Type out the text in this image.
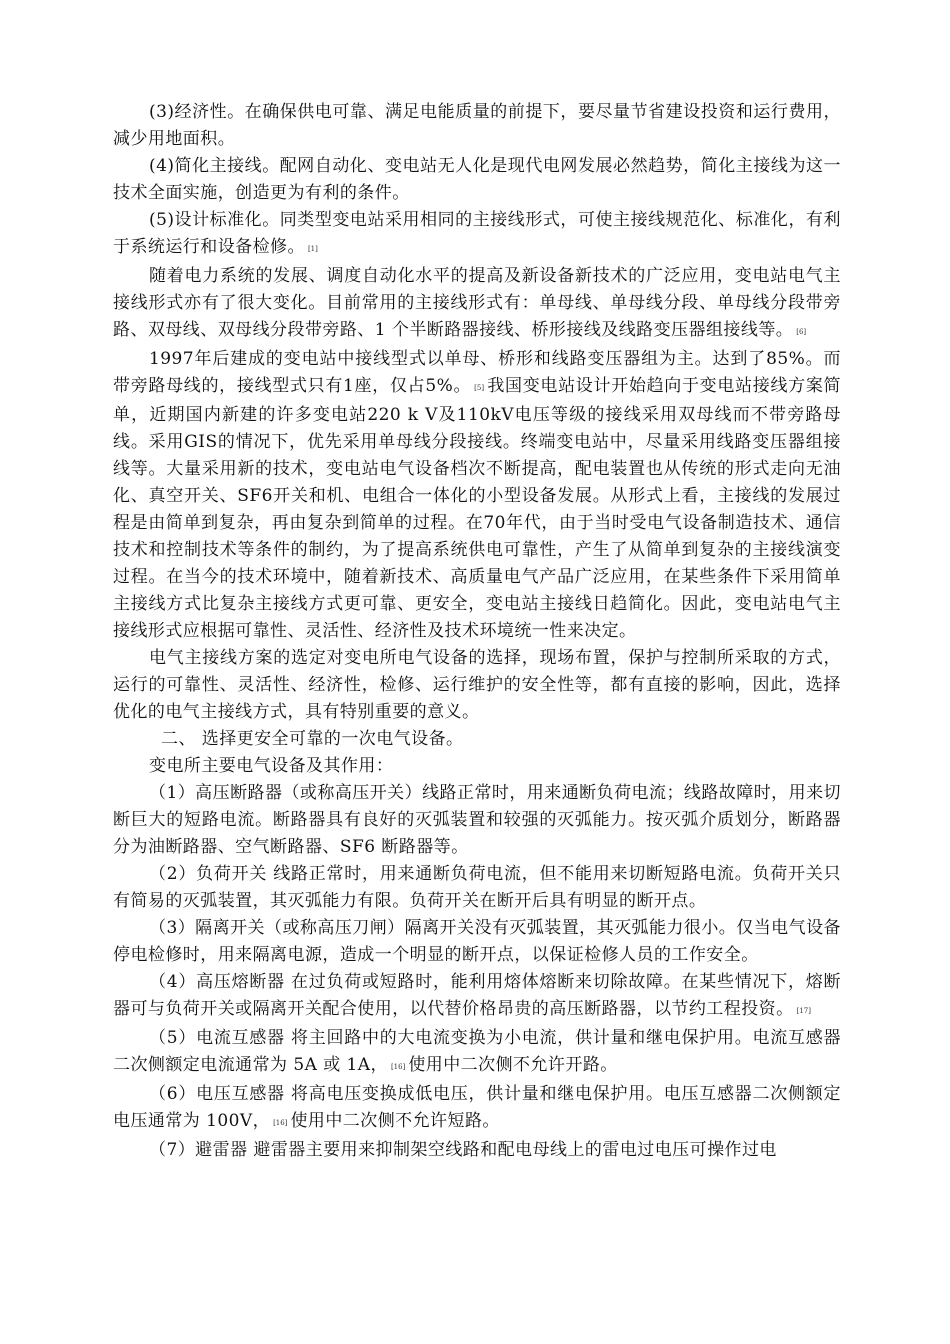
(3)经济性。在确保供电可靠、满足电能质量的前提下，要尽量节省建设投资和运行费用，减少用地面积。

(4)简化主接线。配网自动化、变电站无人化是现代电网发展必然趋势，简化主接线为这一技术全面实施，创造更为有利的条件。

(5)设计标准化。同类型变电站采用相同的主接线形式，可使主接线规范化、标准化，有利于系统运行和设备检修。 [1]

随着电力系统的发展、调度自动化水平的提高及新设备新技术的广泛应用，变电站电气主接线形式亦有了很大变化。目前常用的主接线形式有：单母线、单母线分段、单母线分段带旁路、双母线、双母线分段带旁路、1 个半断路器接线、桥形接线及线路变压器组接线等。 [6]

1997年后建成的变电站中接线型式以单母、桥形和线路变压器组为主。达到了85%。而带旁路母线的，接线型式只有1座，仅占5%。 [5] 我国变电站设计开始趋向于变电站接线方案简单，近期国内新建的许多变电站220 k V及110kV电压等级的接线采用双母线而不带旁路母线。采用GIS的情况下，优先采用单母线分段接线。终端变电站中，尽量采用线路变压器组接线等。大量采用新的技术，变电站电气设备档次不断提高，配电装置也从传统的形式走向无油化、真空开关、SF6开关和机、电组合一体化的小型设备发展。从形式上看，主接线的发展过程是由简单到复杂，再由复杂到简单的过程。在70年代，由于当时受电气设备制造技术、通信技术和控制技术等条件的制约，为了提高系统供电可靠性，产生了从简单到复杂的主接线演变过程。在当今的技术环境中，随着新技术、高质量电气产品广泛应用，在某些条件下采用简单主接线方式比复杂主接线方式更可靠、更安全，变电站主接线日趋简化。因此，变电站电气主接线形式应根据可靠性、灵活性、经济性及技术环境统一性来决定。

电气主接线方案的选定对变电所电气设备的选择，现场布置，保护与控制所采取的方式，运行的可靠性、灵活性、经济性，检修、运行维护的安全性等，都有直接的影响，因此，选择优化的电气主接线方式，具有特别重要的意义。

二、 选择更安全可靠的一次电气设备。

变电所主要电气设备及其作用：

（1）高压断路器（或称高压开关）线路正常时，用来通断负荷电流；线路故障时，用来切断巨大的短路电流。断路器具有良好的灭弧装置和较强的灭弧能力。按灭弧介质划分，断路器分为油断路器、空气断路器、SF6 断路器等。

（2）负荷开关 线路正常时，用来通断负荷电流，但不能用来切断短路电流。负荷开关只有简易的灭弧装置，其灭弧能力有限。负荷开关在断开后具有明显的断开点。

（3）隔离开关（或称高压刀闸）隔离开关没有灭弧装置，其灭弧能力很小。仅当电气设备停电检修时，用来隔离电源，造成一个明显的断开点，以保证检修人员的工作安全。

（4）高压熔断器 在过负荷或短路时，能利用熔体熔断来切除故障。在某些情况下，熔断器可与负荷开关或隔离开关配合使用，以代替价格昂贵的高压断路器，以节约工程投资。 [17]

（5）电流互感器 将主回路中的大电流变换为小电流，供计量和继电保护用。电流互感器二次侧额定电流通常为 5A 或 1A， [16] 使用中二次侧不允许开路。

（6）电压互感器 将高电压变换成低电压，供计量和继电保护用。电压互感器二次侧额定电压通常为 100V， [16] 使用中二次侧不允许短路。

（7）避雷器 避雷器主要用来抑制架空线路和配电母线上的雷电过电压可操作过电
